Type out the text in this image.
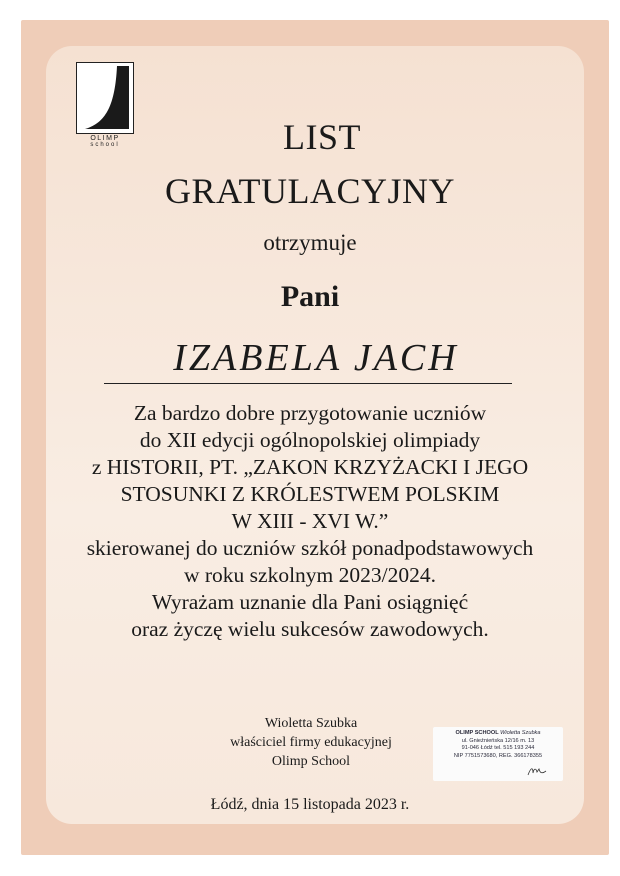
OLIMP
school	LIST
GRATULACYJNY
otrzymuje
Pani
IZABELA JACH
Za bardzo dobre przygotowanie uczniów
do XII edycji ogólnopolskiej olimpiady
z HISTORII, PT. „ZAKON KRZYŻACKI I JEGO
STOSUNKI Z KRÓLESTWEM POLSKIM
W XIII - XVI W.”
skierowanej do uczniów szkół ponadpodstawowych
w roku szkolnym 2023/2024.
Wyrażam uznanie dla Pani osiągnięć
oraz życzę wielu sukcesów zawodowych.
Wioletta Szubka
właściciel firmy edukacyjnej
Olimp School
OLIMP SCHOOL Wioletta Szubka
ul. Gnieźnieńska 12/16 m. 13
91-046 Łódź tel. 515 193 244
NIP 7751573680, REG. 366178355
Łódź, dnia 15 listopada 2023 r.
